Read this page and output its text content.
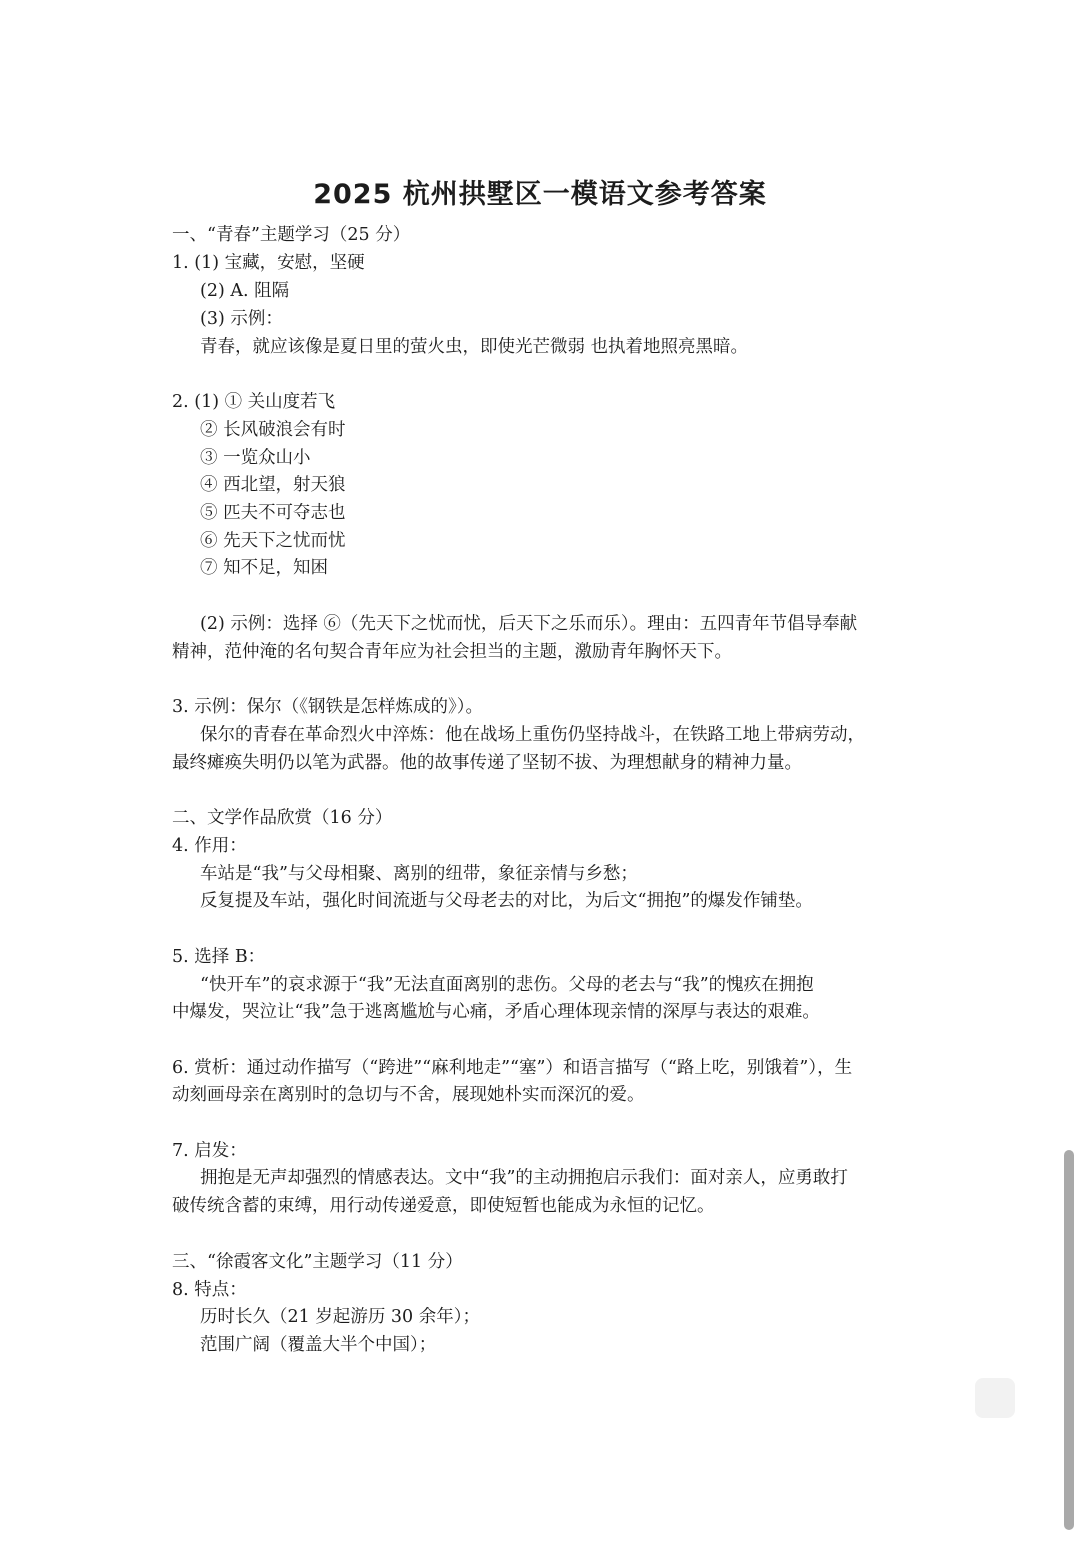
2025 杭州拱墅区一模语文参考答案
一、“青春”主题学习（25 分）
1. (1) 宝藏，安慰，坚硬
(2) A. 阻隔
(3) 示例：
青春，就应该像是夏日里的萤火虫，即使光芒微弱 也执着地照亮黑暗。
2. (1) ① 关山度若飞
② 长风破浪会有时
③ 一览众山小
④ 西北望，射天狼
⑤ 匹夫不可夺志也
⑥ 先天下之忧而忧
⑦ 知不足，知困
(2) 示例：选择 ⑥（先天下之忧而忧，后天下之乐而乐）。理由：五四青年节倡导奉献
精神，范仲淹的名句契合青年应为社会担当的主题，激励青年胸怀天下。
3. 示例：保尔（《钢铁是怎样炼成的》）。
保尔的青春在革命烈火中淬炼：他在战场上重伤仍坚持战斗，在铁路工地上带病劳动，
最终瘫痪失明仍以笔为武器。他的故事传递了坚韧不拔、为理想献身的精神力量。
二、文学作品欣赏（16 分）
4. 作用：
车站是“我”与父母相聚、离别的纽带，象征亲情与乡愁；
反复提及车站，强化时间流逝与父母老去的对比，为后文“拥抱”的爆发作铺垫。
5. 选择 B：
“快开车”的哀求源于“我”无法直面离别的悲伤。父母的老去与“我”的愧疚在拥抱
中爆发，哭泣让“我”急于逃离尴尬与心痛，矛盾心理体现亲情的深厚与表达的艰难。
6. 赏析：通过动作描写（“跨进”“麻利地走”“塞”）和语言描写（“路上吃，别饿着”），生
动刻画母亲在离别时的急切与不舍，展现她朴实而深沉的爱。
7. 启发：
拥抱是无声却强烈的情感表达。文中“我”的主动拥抱启示我们：面对亲人，应勇敢打
破传统含蓄的束缚，用行动传递爱意，即使短暂也能成为永恒的记忆。
三、“徐霞客文化”主题学习（11 分）
8. 特点：
历时长久（21 岁起游历 30 余年）；
范围广阔（覆盖大半个中国）；
